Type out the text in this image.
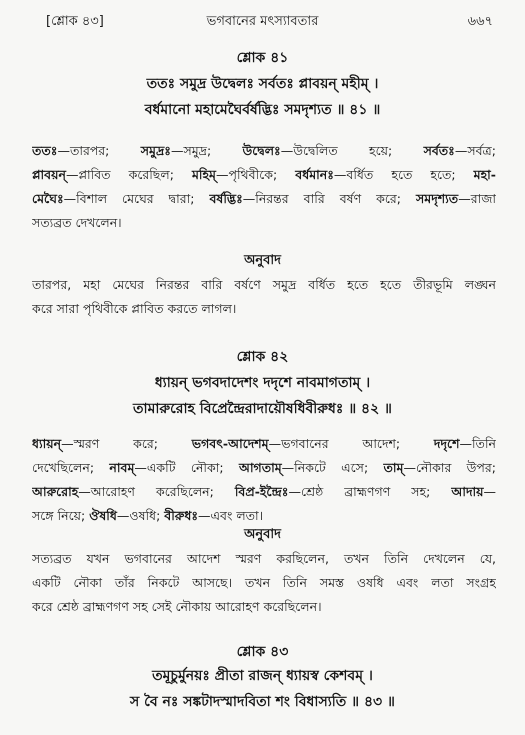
ভগবানের মৎস্যাবতার
[শ্লোক ৪৩]	৬৬৭
শ্লোক ৪১
ততঃ সমুদ্র উদ্বেলঃ সর্বতঃ প্লাবয়ন্ মহীম্ ।
বর্ধমানো মহামেঘৈর্বর্ষদ্ভিঃ সমদৃশ্যত ॥ ৪১ ॥
ততঃ—তারপর; সমুদ্রঃ—সমুদ্র; উদ্বেলঃ—উদ্বেলিত হয়ে; সর্বতঃ—সর্বত্র;
প্লাবয়ন্—প্লাবিত করেছিল; মহিম্—পৃথিবীকে; বর্ধমানঃ—বর্ধিত হতে হতে; মহা-
মেঘৈঃ—বিশাল মেঘের দ্বারা; বর্ষদ্ভিঃ—নিরন্তর বারি বর্ষণ করে; সমদৃশ্যত—রাজা
সত্যব্রত দেখলেন।
অনুবাদ
তারপর, মহা মেঘের নিরন্তর বারি বর্ষণে সমুদ্র বর্ধিত হতে হতে তীরভূমি লঙ্ঘন
করে সারা পৃথিবীকে প্লাবিত করতে লাগল।
শ্লোক ৪২
ধ্যায়ন্ ভগবদাদেশং দদৃশে নাবমাগতাম্ ।
তামারুরোহ বিপ্রেন্দ্রৈরাদায়ৌষধিবীরুধঃ ॥ ৪২ ॥
ধ্যায়ন্—স্মরণ করে; ভগবৎ-আদেশম্—ভগবানের আদেশ; দদৃশে—তিনি
দেখেছিলেন; নাবম্—একটি নৌকা; আগতাম্—নিকটে এসে; তাম্—নৌকার উপর;
আরুরোহ—আরোহণ করেছিলেন; বিপ্র-ইন্দ্রৈঃ—শ্রেষ্ঠ ব্রাহ্মণগণ সহ; আদায়—
সঙ্গে নিয়ে; ঔষধি—ওষধি; বীরুধঃ—এবং লতা।
অনুবাদ
সত্যব্রত যখন ভগবানের আদেশ স্মরণ করছিলেন, তখন তিনি দেখলেন যে,
একটি নৌকা তাঁর নিকটে আসছে। তখন তিনি সমস্ত ওষধি এবং লতা সংগ্রহ
করে শ্রেষ্ঠ ব্রাহ্মণগণ সহ সেই নৌকায় আরোহণ করেছিলেন।
শ্লোক ৪৩
তমূচুর্মুনয়ঃ প্রীতা রাজন্ ধ্যায়স্ব কেশবম্ ।
স বৈ নঃ সঙ্কটাদস্মাদবিতা শং বিধাস্যতি ॥ ৪৩ ॥
